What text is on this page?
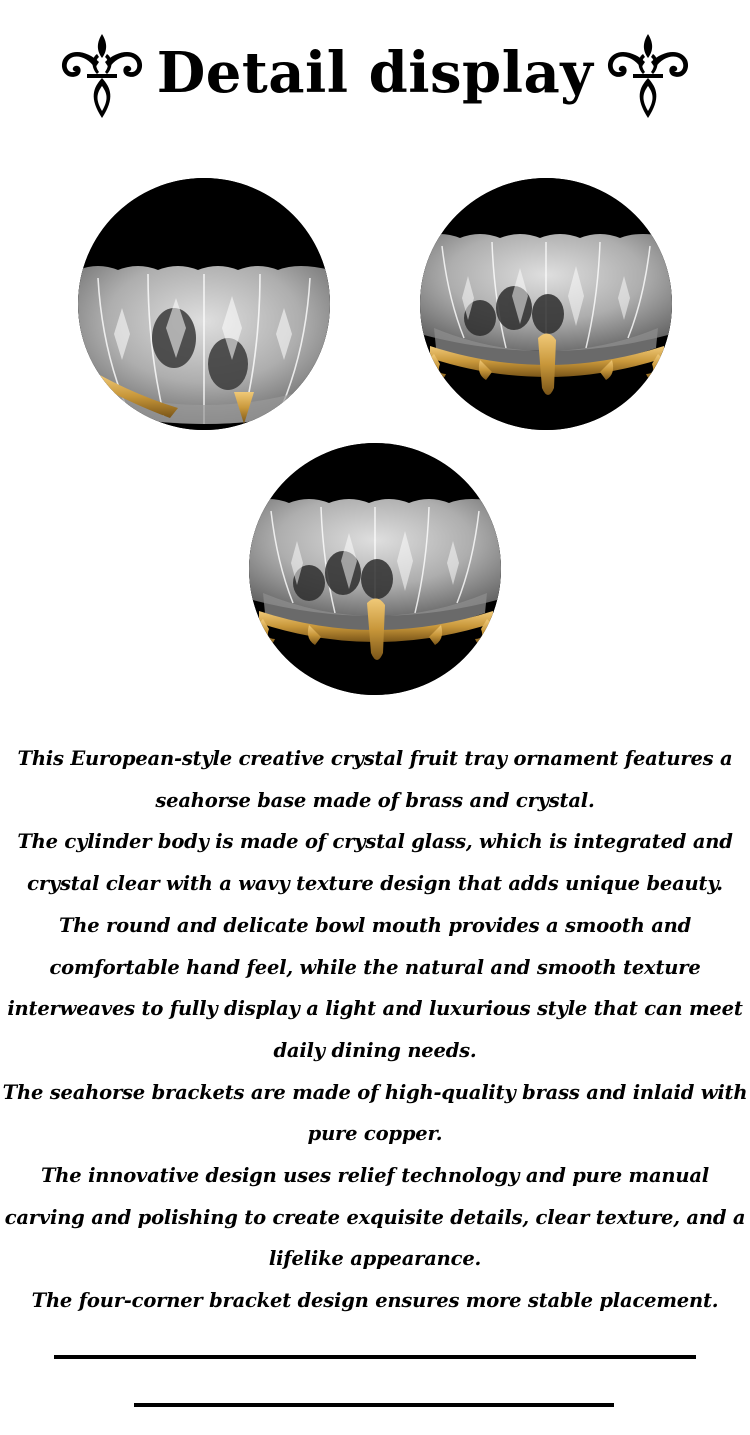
Detail display

This European-style creative crystal fruit tray ornament features a seahorse base made of brass and crystal.

The cylinder body is made of crystal glass, which is integrated and crystal clear with a wavy texture design that adds unique beauty.

The round and delicate bowl mouth provides a smooth and comfortable hand feel, while the natural and smooth texture interweaves to fully display a light and luxurious style that can meet daily dining needs.

The seahorse brackets are made of high-quality brass and inlaid with pure copper.

The innovative design uses relief technology and pure manual carving and polishing to create exquisite details, clear texture, and a lifelike appearance.

The four-corner bracket design ensures more stable placement.
